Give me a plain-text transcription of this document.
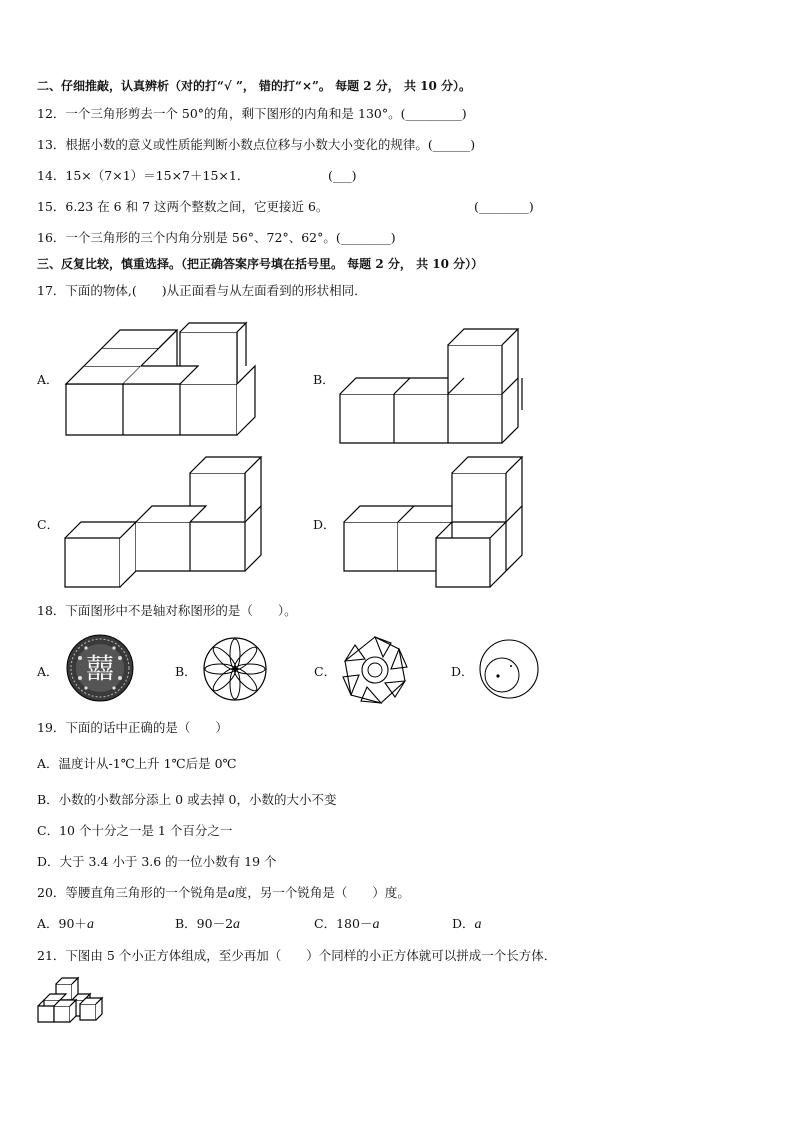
二、仔细推敲，认真辨析（对的打“√ ”， 错的打“×”。 每题 2 分， 共 10 分）。
12．一个三角形剪去一个 50°的角，剩下图形的内角和是 130°。(_________)
13．根据小数的意义或性质能判断小数点位移与小数大小变化的规律。(______)
14．15×（7×1）＝15×7＋15×1．	(___)
15．6.23 在 6 和 7 这两个整数之间，它更接近 6。	(________)
16．一个三角形的三个内角分别是 56°、72°、62°。(________)
三、反复比较，慎重选择。（把正确答案序号填在括号里。 每题 2 分， 共 10 分））
17．下面的物体,(　　)从正面看与从左面看到的形状相同．
A．	B．
C．	D．
18．下面图形中不是轴对称图形的是（　　）。
A．	B．	C．	D．
囍
19．下面的话中正确的是（　　）
A．温度计从-1℃上升 1℃后是 0℃
B．小数的小数部分添上 0 或去掉 0，小数的大小不变
C．10 个十分之一是 1 个百分之一
D．大于 3.4 小于 3.6 的一位小数有 19 个
20．等腰直角三角形的一个锐角是a度，另一个锐角是（　　）度。
A．90＋a	B．90－2a	C．180－a	D．a
21．下图由 5 个小正方体组成，至少再加（　　）个同样的小正方体就可以拼成一个长方体．
